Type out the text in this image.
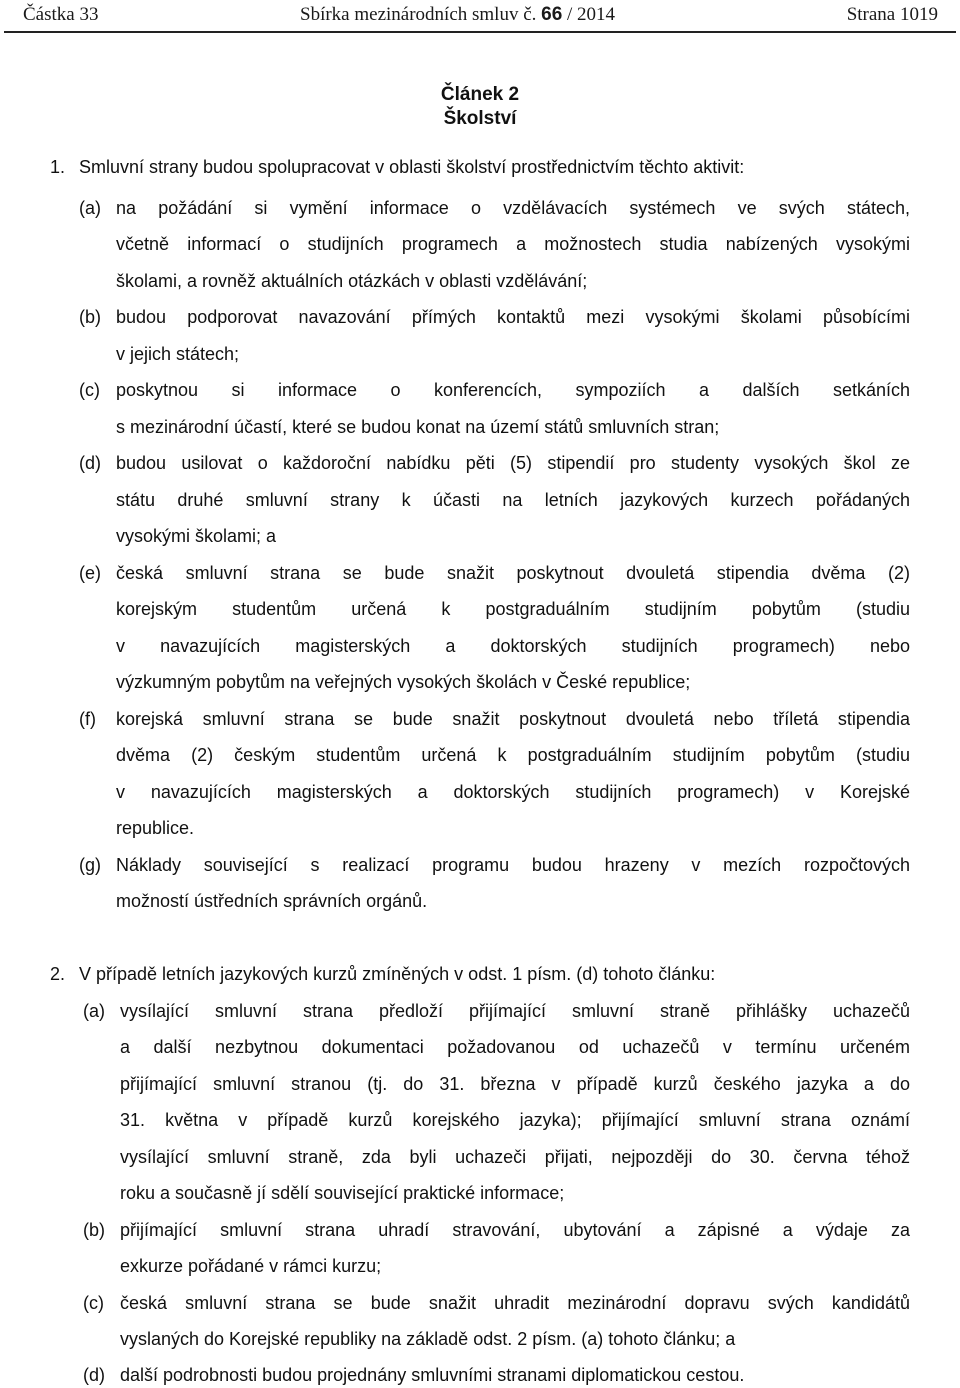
Částka 33	Sbírka mezinárodních smluv č. 66 / 2014	Strana 1019
Článek 2
Školství
1. Smluvní strany budou spolupracovat v oblasti školství prostřednictvím těchto aktivit:
(a) na požádání si vymění informace o vzdělávacích systémech ve svých státech,
včetně informací o studijních programech a možnostech studia nabízených vysokými
školami, a rovněž aktuálních otázkách v oblasti vzdělávání;
(b) budou podporovat navazování přímých kontaktů mezi vysokými školami působícími
v jejich státech;
(c) poskytnou si informace o konferencích, sympoziích a dalších setkáních
s mezinárodní účastí, které se budou konat na území států smluvních stran;
(d) budou usilovat o každoroční nabídku pěti (5) stipendií pro studenty vysokých škol ze
státu druhé smluvní strany k účasti na letních jazykových kurzech pořádaných
vysokými školami; a
(e) česká smluvní strana se bude snažit poskytnout dvouletá stipendia dvěma (2)
korejským studentům určená k postgraduálním studijním pobytům (studiu
v navazujících magisterských a doktorských studijních programech) nebo
výzkumným pobytům na veřejných vysokých školách v České republice;
(f) korejská smluvní strana se bude snažit poskytnout dvouletá nebo tříletá stipendia
dvěma (2) českým studentům určená k postgraduálním studijním pobytům (studiu
v navazujících magisterských a doktorských studijních programech) v Korejské
republice.
(g) Náklady související s realizací programu budou hrazeny v mezích rozpočtových
možností ústředních správních orgánů.
2. V případě letních jazykových kurzů zmíněných v odst. 1 písm. (d) tohoto článku:
(a) vysílající smluvní strana předloží přijímající smluvní straně přihlášky uchazečů
a další nezbytnou dokumentaci požadovanou od uchazečů v termínu určeném
přijímající smluvní stranou (tj. do 31. března v případě kurzů českého jazyka a do
31. května v případě kurzů korejského jazyka); přijímající smluvní strana oznámí
vysílající smluvní straně, zda byli uchazeči přijati, nejpozději do 30. června téhož
roku a současně jí sdělí související praktické informace;
(b) přijímající smluvní strana uhradí stravování, ubytování a zápisné a výdaje za
exkurze pořádané v rámci kurzu;
(c) česká smluvní strana se bude snažit uhradit mezinárodní dopravu svých kandidátů
vyslaných do Korejské republiky na základě odst. 2 písm. (a) tohoto článku; a
(d) další podrobnosti budou projednány smluvními stranami diplomatickou cestou.
